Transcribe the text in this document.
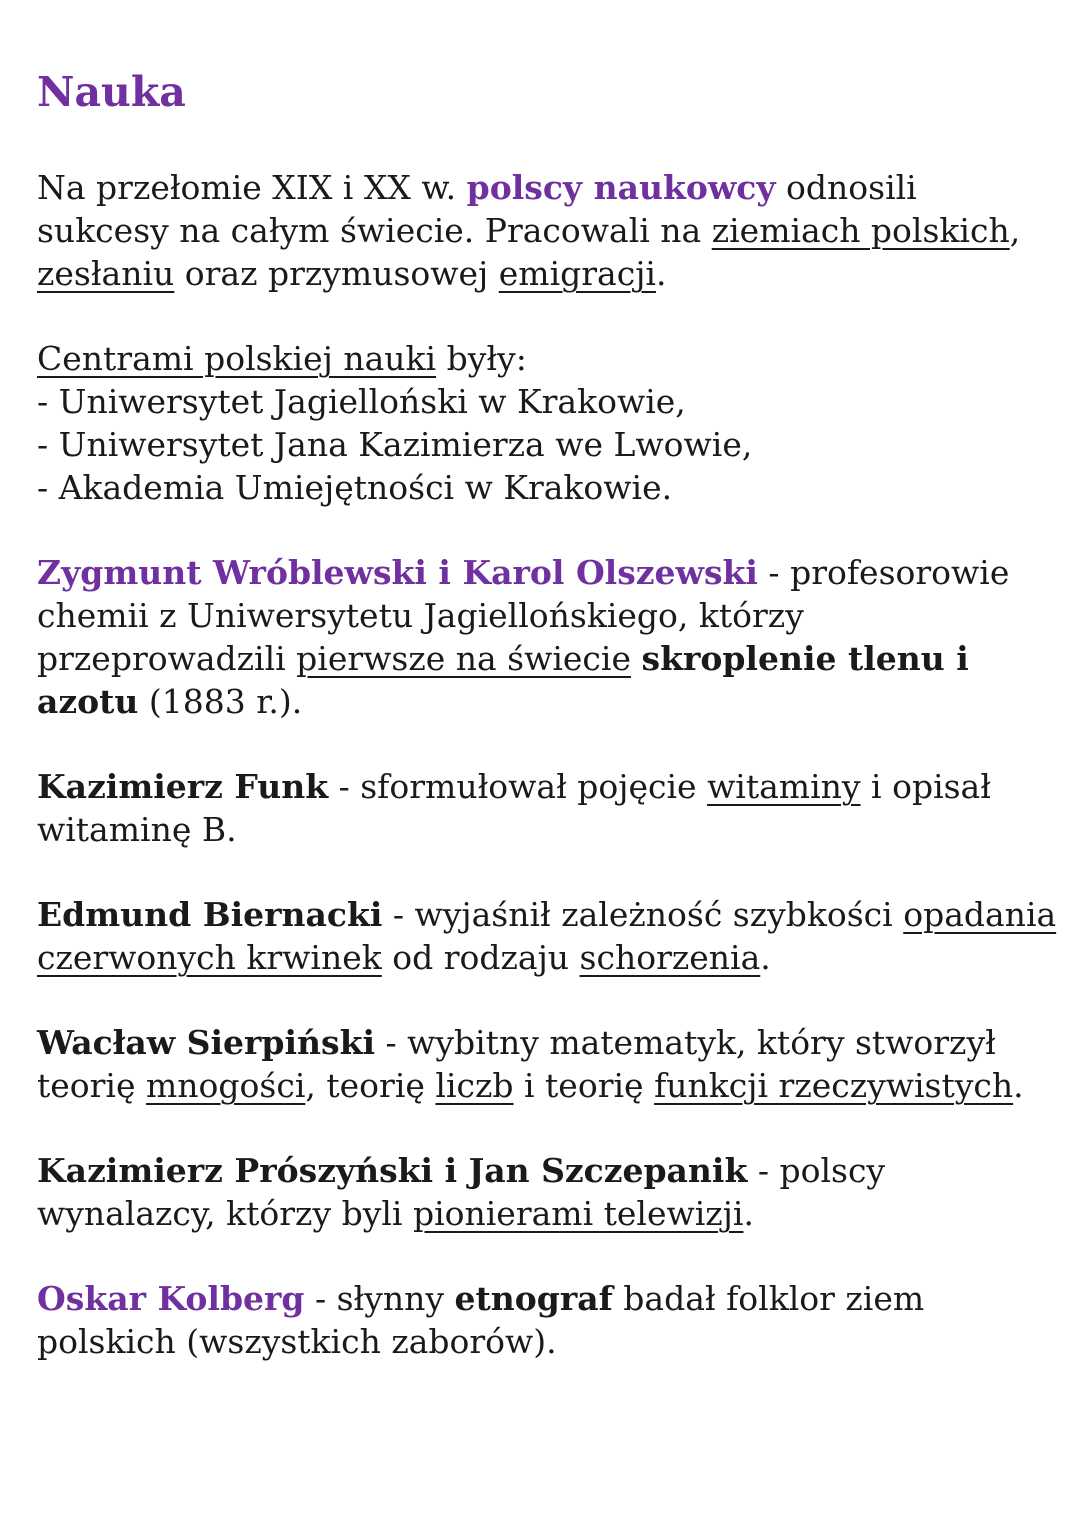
Nauka

Na przełomie XIX i XX w. polscy naukowcy odnosili sukcesy na całym świecie. Pracowali na ziemiach polskich, zesłaniu oraz przymusowej emigracji.

Centrami polskiej nauki były:
- Uniwersytet Jagielloński w Krakowie,
- Uniwersytet Jana Kazimierza we Lwowie,
- Akademia Umiejętności w Krakowie.

Zygmunt Wróblewski i Karol Olszewski - profesorowie chemii z Uniwersytetu Jagiellońskiego, którzy przeprowadzili pierwsze na świecie skroplenie tlenu i azotu (1883 r.).

Kazimierz Funk - sformułował pojęcie witaminy i opisał witaminę B.

Edmund Biernacki - wyjaśnił zależność szybkości opadania czerwonych krwinek od rodzaju schorzenia.

Wacław Sierpiński - wybitny matematyk, który stworzył teorię mnogości, teorię liczb i teorię funkcji rzeczywistych.

Kazimierz Prószyński i Jan Szczepanik - polscy wynalazcy, którzy byli pionierami telewizji.

Oskar Kolberg - słynny etnograf badał folklor ziem polskich (wszystkich zaborów).
